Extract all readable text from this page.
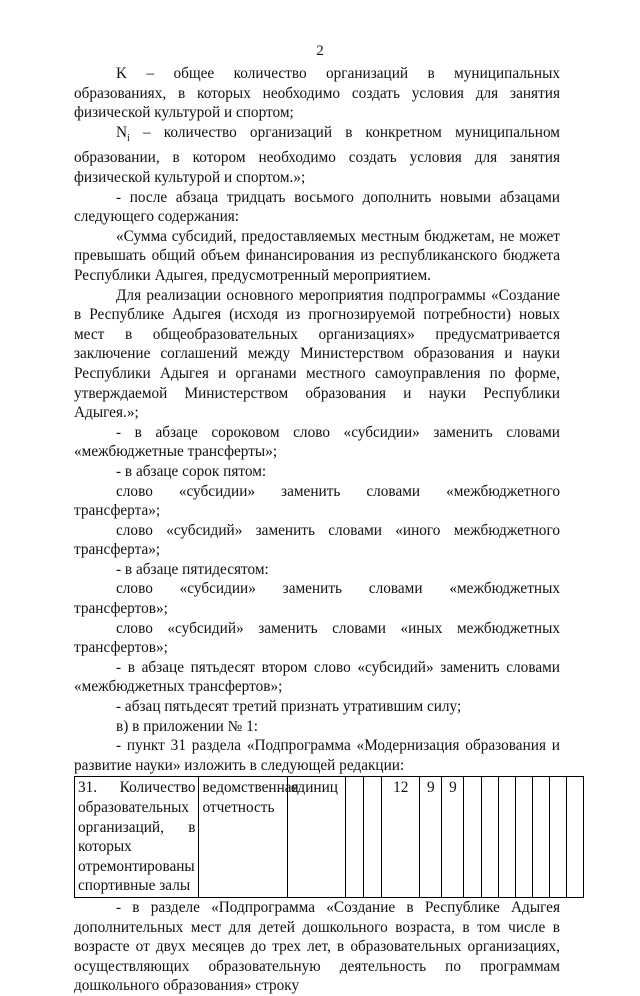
2

K – общее количество организаций в муниципальных образованиях, в которых необходимо создать условия для занятия физической культурой и спортом;

$N_i$ – количество организаций в конкретном муниципальном образовании, в котором необходимо создать условия для занятия физической культурой и спортом.»;

- после абзаца тридцать восьмого дополнить новыми абзацами следующего содержания:

«Сумма субсидий, предоставляемых местным бюджетам, не может превышать общий объем финансирования из республиканского бюджета Республики Адыгея, предусмотренный мероприятием.

Для реализации основного мероприятия подпрограммы «Создание в Республике Адыгея (исходя из прогнозируемой потребности) новых мест в общеобразовательных организациях» предусматривается заключение соглашений между Министерством образования и науки Республики Адыгея и органами местного самоуправления по форме, утверждаемой Министерством образования и науки Республики Адыгея.»;

- в абзаце сороковом слово «субсидии» заменить словами «межбюджетные трансферты»;

- в абзаце сорок пятом:

слово «субсидии» заменить словами «межбюджетного трансферта»;

слово «субсидий» заменить словами «иного межбюджетного трансферта»;

- в абзаце пятидесятом:

слово «субсидии» заменить словами «межбюджетных трансфертов»;

слово «субсидий» заменить словами «иных межбюджетных трансфертов»;

- в абзаце пятьдесят втором слово «субсидий» заменить словами «межбюджетных трансфертов»;

- абзац пятьдесят третий признать утратившим силу;

в) в приложении № 1:

- пункт 31 раздела «Подпрограмма «Модернизация образования и развитие науки» изложить в следующей редакции:

31. Количество образовательных организаций, в которых отремонтированы спортивные залы	ведомственная отчетность	единиц			12	9	9							

- в разделе «Подпрограмма «Создание в Республике Адыгея дополнительных мест для детей дошкольного возраста, в том числе в возрасте от двух месяцев до трех лет, в образовательных организациях, осуществляющих образовательную деятельность по программам дошкольного образования» строку
